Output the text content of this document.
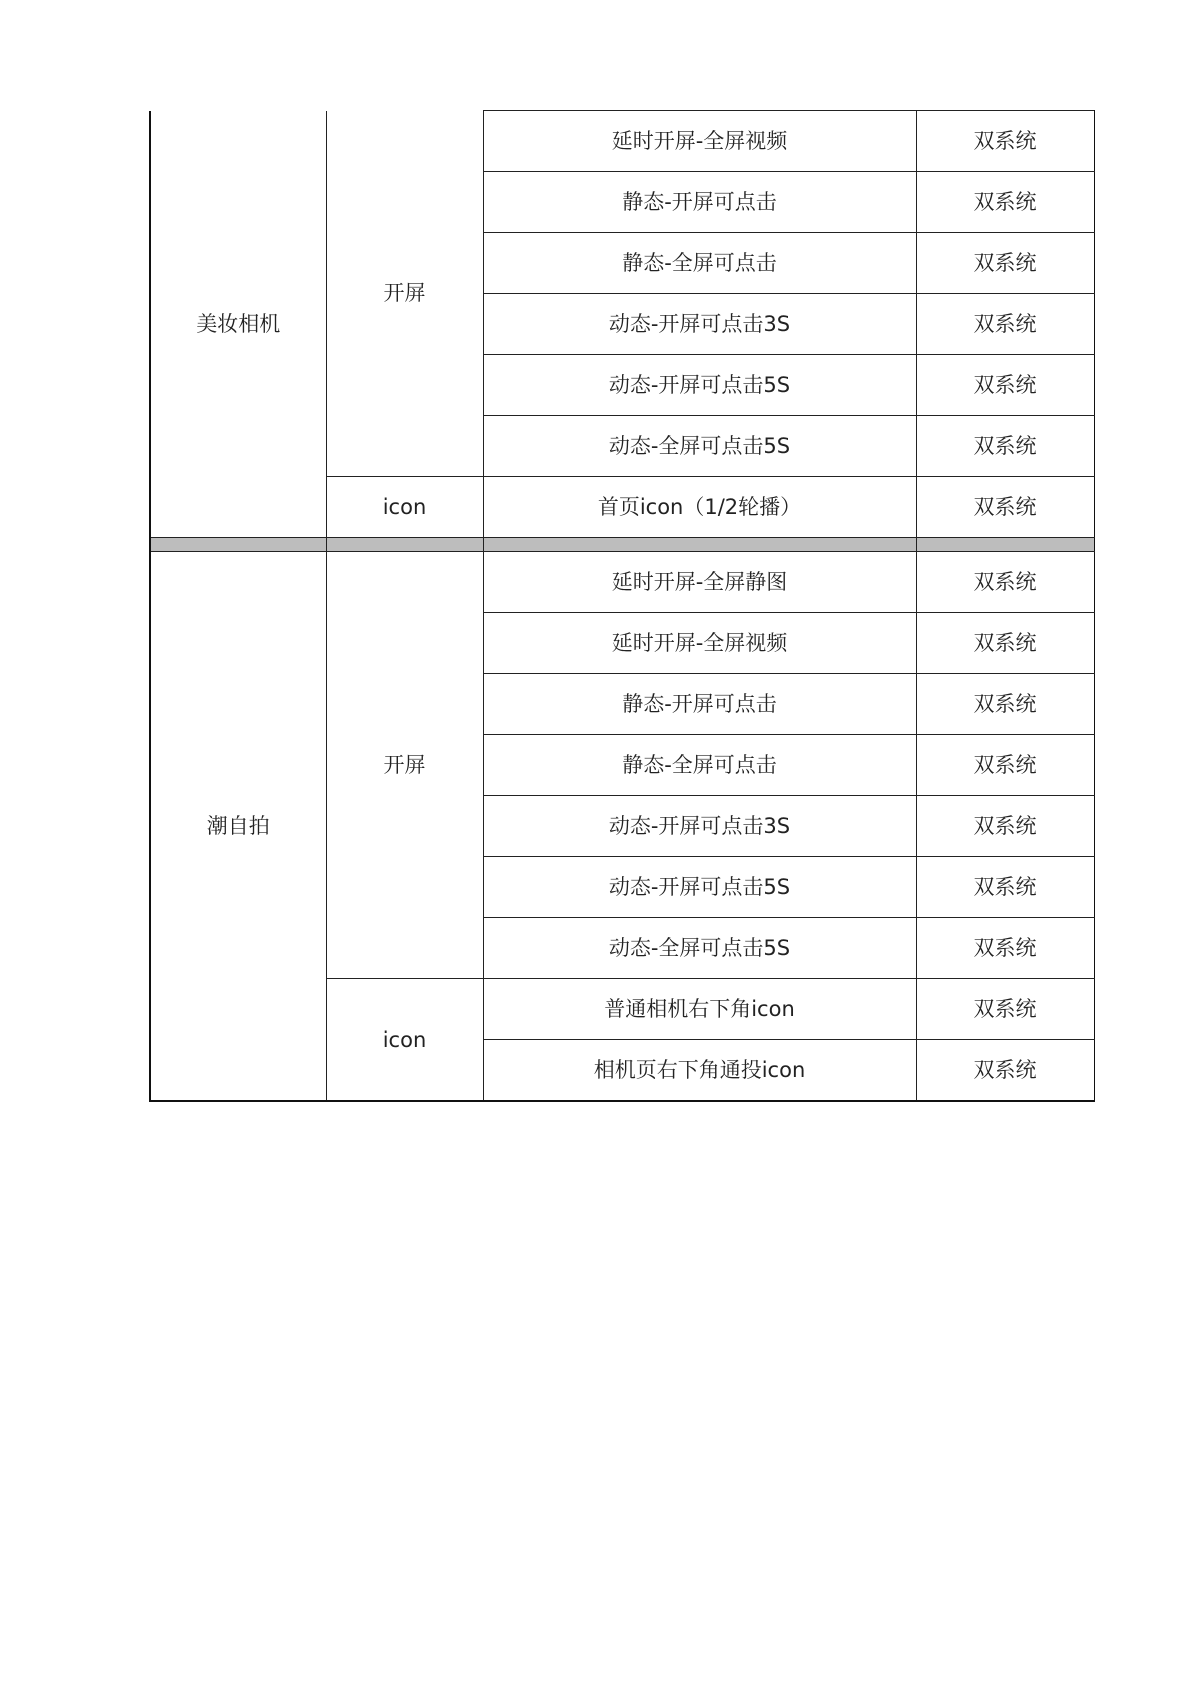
美妆相机	开屏	延时开屏-全屏视频	双系统
		静态-开屏可点击	双系统
		静态-全屏可点击	双系统
		动态-开屏可点击3S	双系统
		动态-开屏可点击5S	双系统
		动态-全屏可点击5S	双系统
	icon	首页icon（1/2轮播）	双系统

潮自拍	开屏	延时开屏-全屏静图	双系统
		延时开屏-全屏视频	双系统
		静态-开屏可点击	双系统
		静态-全屏可点击	双系统
		动态-开屏可点击3S	双系统
		动态-开屏可点击5S	双系统
		动态-全屏可点击5S	双系统
	icon	普通相机右下角icon	双系统
		相机页右下角通投icon	双系统
